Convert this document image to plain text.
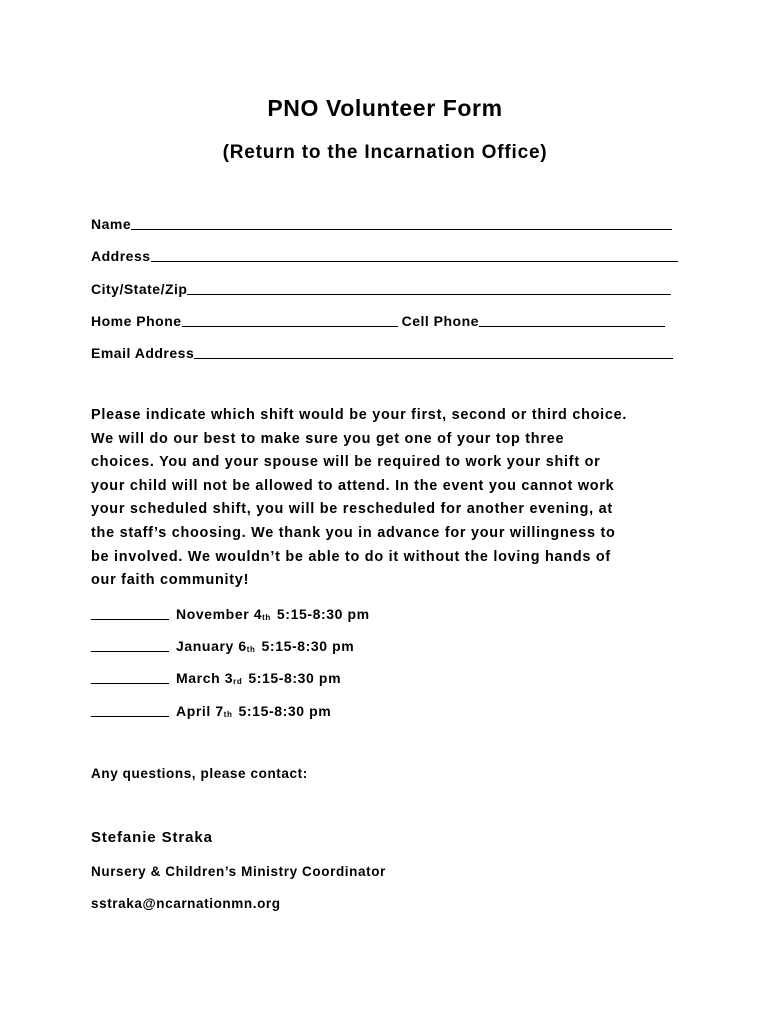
PNO Volunteer Form
(Return to the Incarnation Office)
Name
Address
City/State/Zip
Home Phone	Cell Phone
Email Address
Please indicate which shift would be your first, second or third choice.
We will do our best to make sure you get one of your top three
choices. You and your spouse will be required to work your shift or
your child will not be allowed to attend. In the event you cannot work
your scheduled shift, you will be rescheduled for another evening, at
the staff’s choosing. We thank you in advance for your willingness to
be involved. We wouldn’t be able to do it without the loving hands of
our faith community!
November $4_{th}$ 5:15-8:30 pm
January $6_{th}$ 5:15-8:30 pm
March $3_{rd}$ 5:15-8:30 pm
April $7_{th}$ 5:15-8:30 pm
Any questions, please contact:
Stefanie Straka
Nursery & Children’s Ministry Coordinator
sstraka@ncarnationmn.org
